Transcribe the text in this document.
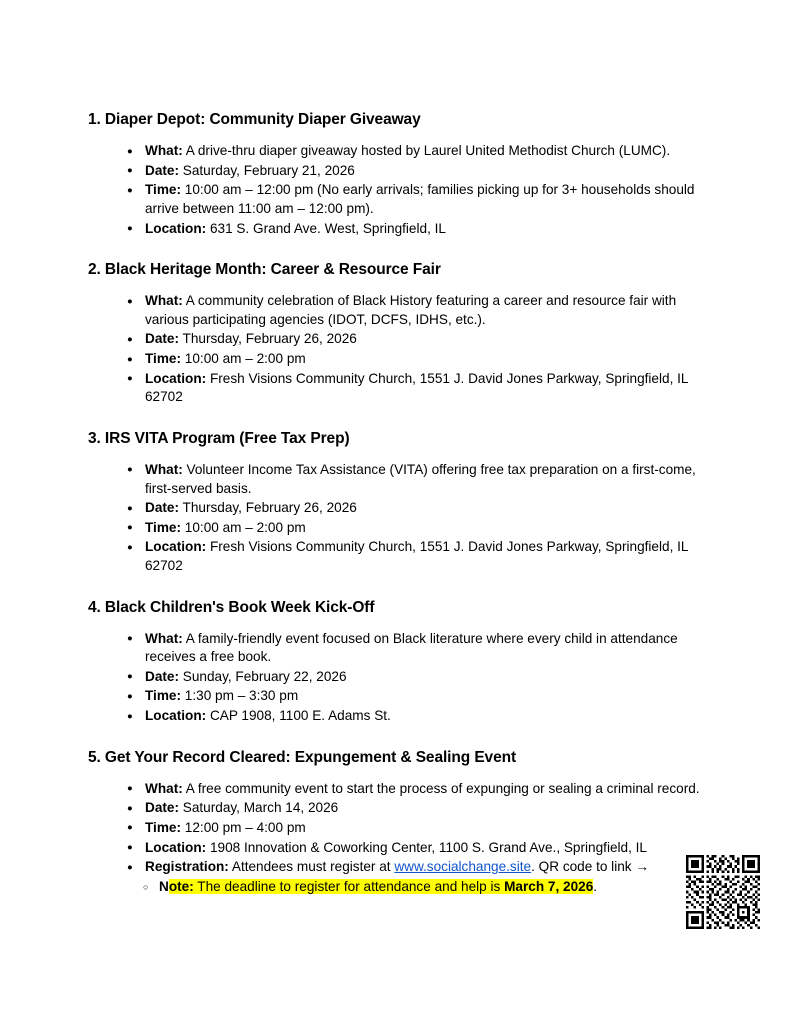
1. Diaper Depot: Community Diaper Giveaway
● What: A drive-thru diaper giveaway hosted by Laurel United Methodist Church (LUMC).
● Date: Saturday, February 21, 2026
● Time: 10:00 am – 12:00 pm (No early arrivals; families picking up for 3+ households should arrive between 11:00 am – 12:00 pm).
● Location: 631 S. Grand Ave. West, Springfield, IL
2. Black Heritage Month: Career & Resource Fair
● What: A community celebration of Black History featuring a career and resource fair with various participating agencies (IDOT, DCFS, IDHS, etc.).
● Date: Thursday, February 26, 2026
● Time: 10:00 am – 2:00 pm
● Location: Fresh Visions Community Church, 1551 J. David Jones Parkway, Springfield, IL 62702
3. IRS VITA Program (Free Tax Prep)
● What: Volunteer Income Tax Assistance (VITA) offering free tax preparation on a first-come, first-served basis.
● Date: Thursday, February 26, 2026
● Time: 10:00 am – 2:00 pm
● Location: Fresh Visions Community Church, 1551 J. David Jones Parkway, Springfield, IL 62702
4. Black Children's Book Week Kick-Off
● What: A family-friendly event focused on Black literature where every child in attendance receives a free book.
● Date: Sunday, February 22, 2026
● Time: 1:30 pm – 3:30 pm
● Location: CAP 1908, 1100 E. Adams St.
5. Get Your Record Cleared: Expungement & Sealing Event
● What: A free community event to start the process of expunging or sealing a criminal record.
● Date: Saturday, March 14, 2026
● Time: 12:00 pm – 4:00 pm
● Location: 1908 Innovation & Coworking Center, 1100 S. Grand Ave., Springfield, IL
● Registration: Attendees must register at www.socialchange.site. QR code to link →
○ Note: The deadline to register for attendance and help is March 7, 2026.
